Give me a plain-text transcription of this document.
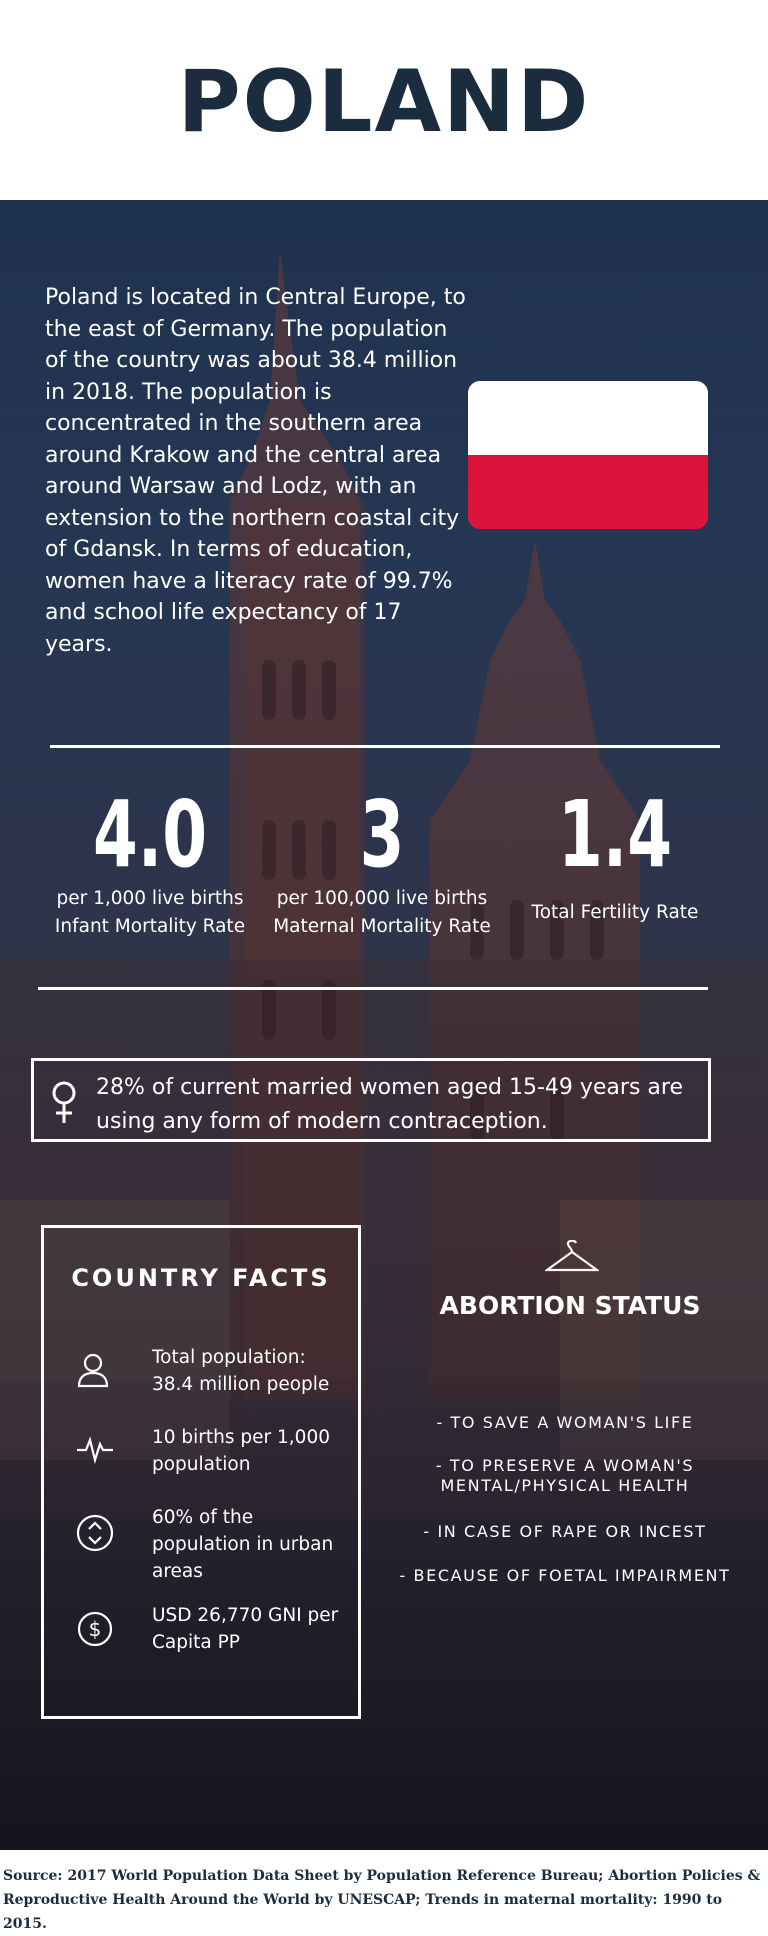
POLAND
Poland is located in Central Europe, to the east of Germany. The population of the country was about 38.4 million in 2018. The population is concentrated in the southern area around Krakow and the central area around Warsaw and Lodz, with an extension to the northern coastal city of Gdansk. In terms of education, women have a literacy rate of 99.7% and school life expectancy of 17 years.
4.0
per 1,000 live births
Infant Mortality Rate
3
per 100,000 live births
Maternal Mortality Rate
1.4
Total Fertility Rate
28% of current married women aged 15-49 years are using any form of modern contraception.
COUNTRY FACTS
Total population: 38.4 million people
10 births per 1,000 population
60% of the population in urban areas
$
USD 26,770 GNI per Capita PP
ABORTION STATUS
- TO SAVE A WOMAN'S LIFE
- TO PRESERVE A WOMAN'S MENTAL/PHYSICAL HEALTH
- IN CASE OF RAPE OR INCEST
- BECAUSE OF FOETAL IMPAIRMENT
Source: 2017 World Population Data Sheet by Population Reference Bureau; Abortion Policies & Reproductive Health Around the World by UNESCAP; Trends in maternal mortality: 1990 to 2015.
